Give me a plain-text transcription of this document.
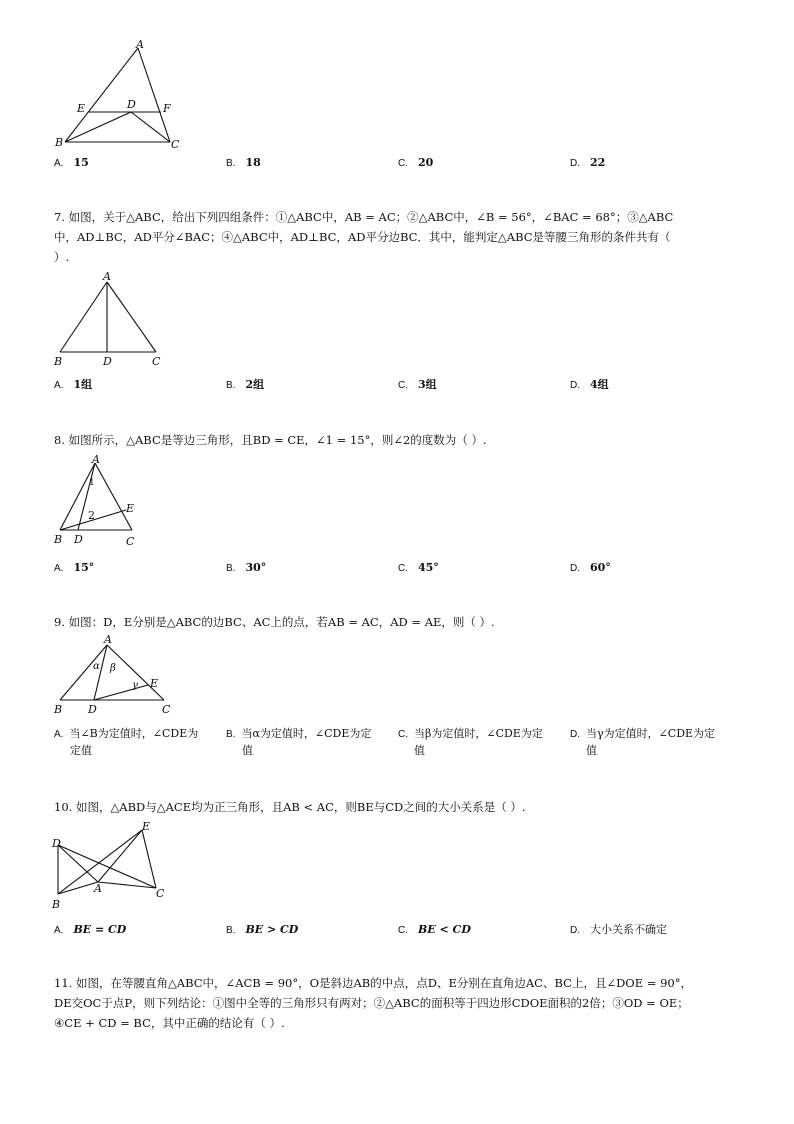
A
E	D F
B	C
A. 15	B. 18	C. 20	D. 22
7. 如图，关于△ABC，给出下列四组条件：①△ABC中，AB = AC；②△ABC中，∠B = 56°，∠BAC = 68°；③△ABC
中，AD⊥BC，AD平分∠BAC；④△ABC中，AD⊥BC，AD平分边BC．其中，能判定△ABC是等腰三角形的条件共有（
）.
A
B	D	C
A. 1组	B. 2组	C. 3组	D. 4组
8. 如图所示，△ABC是等边三角形，且BD = CE，∠1 = 15°，则∠2的度数为（ ）.
A
1
2
E
B D	C
A. 15°	B. 30°	C. 45°	D. 60°
9. 如图：D，E分别是△ABC的边BC、AC上的点，若AB = AC，AD = AE，则（ ）.
A
α β
γ E
B D	C
A. 当∠B为定值时，∠CDE为
定值
B. 当α为定值时，∠CDE为定
值
C. 当β为定值时，∠CDE为定
值
D. 当γ为定值时，∠CDE为定
值
10. 如图，△ABD与△ACE均为正三角形，且AB < AC，则BE与CD之间的大小关系是（ ）.
E
D
A	C
B
A. BE = CD	B. BE > CD	C. BE < CD	D. 大小关系不确定
11. 如图，在等腰直角△ABC中，∠ACB = 90°，O是斜边AB的中点，点D、E分别在直角边AC、BC上，且∠DOE = 90°，
DE交OC于点P，则下列结论：①图中全等的三角形只有两对；②△ABC的面积等于四边形CDOE面积的2倍；③OD = OE；
④CE + CD = BC，其中正确的结论有（ ）.
